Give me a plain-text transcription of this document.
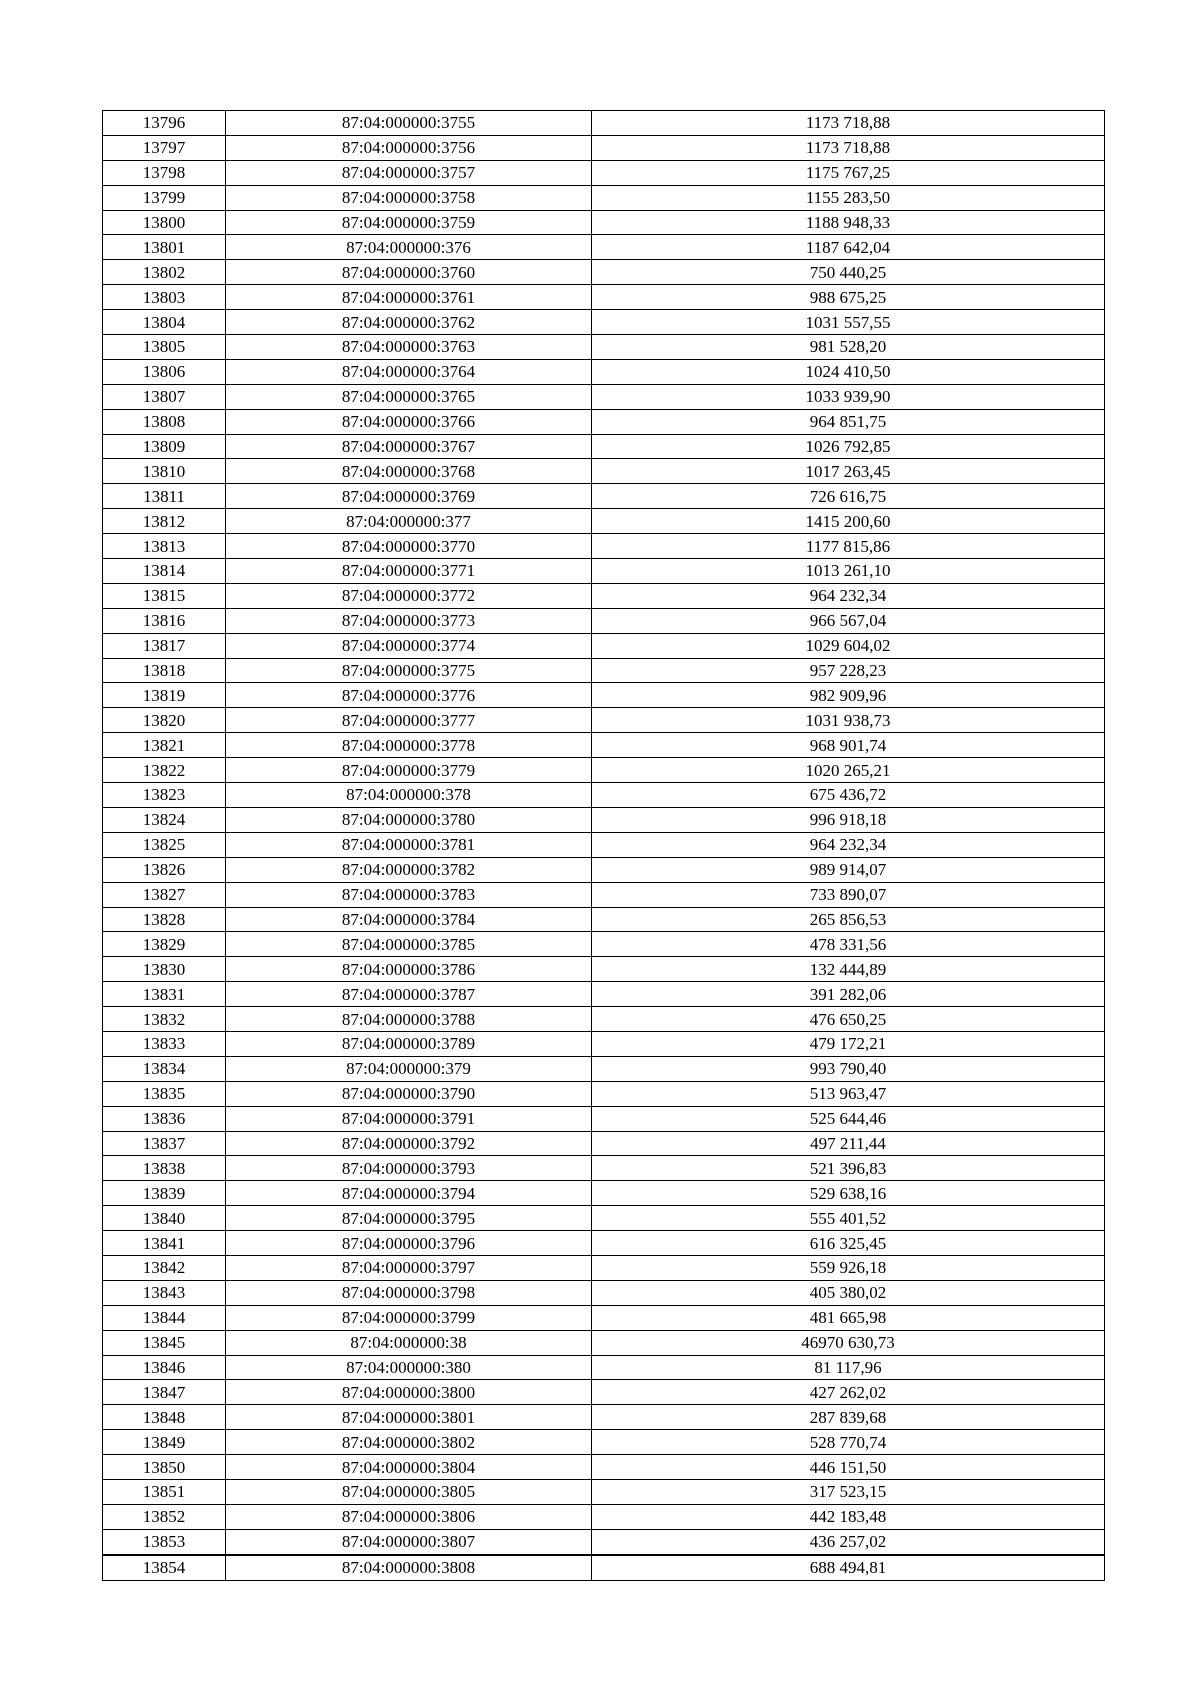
13796	87:04:000000:3755	1173 718,88
13797	87:04:000000:3756	1173 718,88
13798	87:04:000000:3757	1175 767,25
13799	87:04:000000:3758	1155 283,50
13800	87:04:000000:3759	1188 948,33
13801	87:04:000000:376	1187 642,04
13802	87:04:000000:3760	750 440,25
13803	87:04:000000:3761	988 675,25
13804	87:04:000000:3762	1031 557,55
13805	87:04:000000:3763	981 528,20
13806	87:04:000000:3764	1024 410,50
13807	87:04:000000:3765	1033 939,90
13808	87:04:000000:3766	964 851,75
13809	87:04:000000:3767	1026 792,85
13810	87:04:000000:3768	1017 263,45
13811	87:04:000000:3769	726 616,75
13812	87:04:000000:377	1415 200,60
13813	87:04:000000:3770	1177 815,86
13814	87:04:000000:3771	1013 261,10
13815	87:04:000000:3772	964 232,34
13816	87:04:000000:3773	966 567,04
13817	87:04:000000:3774	1029 604,02
13818	87:04:000000:3775	957 228,23
13819	87:04:000000:3776	982 909,96
13820	87:04:000000:3777	1031 938,73
13821	87:04:000000:3778	968 901,74
13822	87:04:000000:3779	1020 265,21
13823	87:04:000000:378	675 436,72
13824	87:04:000000:3780	996 918,18
13825	87:04:000000:3781	964 232,34
13826	87:04:000000:3782	989 914,07
13827	87:04:000000:3783	733 890,07
13828	87:04:000000:3784	265 856,53
13829	87:04:000000:3785	478 331,56
13830	87:04:000000:3786	132 444,89
13831	87:04:000000:3787	391 282,06
13832	87:04:000000:3788	476 650,25
13833	87:04:000000:3789	479 172,21
13834	87:04:000000:379	993 790,40
13835	87:04:000000:3790	513 963,47
13836	87:04:000000:3791	525 644,46
13837	87:04:000000:3792	497 211,44
13838	87:04:000000:3793	521 396,83
13839	87:04:000000:3794	529 638,16
13840	87:04:000000:3795	555 401,52
13841	87:04:000000:3796	616 325,45
13842	87:04:000000:3797	559 926,18
13843	87:04:000000:3798	405 380,02
13844	87:04:000000:3799	481 665,98
13845	87:04:000000:38	46970 630,73
13846	87:04:000000:380	81 117,96
13847	87:04:000000:3800	427 262,02
13848	87:04:000000:3801	287 839,68
13849	87:04:000000:3802	528 770,74
13850	87:04:000000:3804	446 151,50
13851	87:04:000000:3805	317 523,15
13852	87:04:000000:3806	442 183,48
13853	87:04:000000:3807	436 257,02
13854	87:04:000000:3808	688 494,81
